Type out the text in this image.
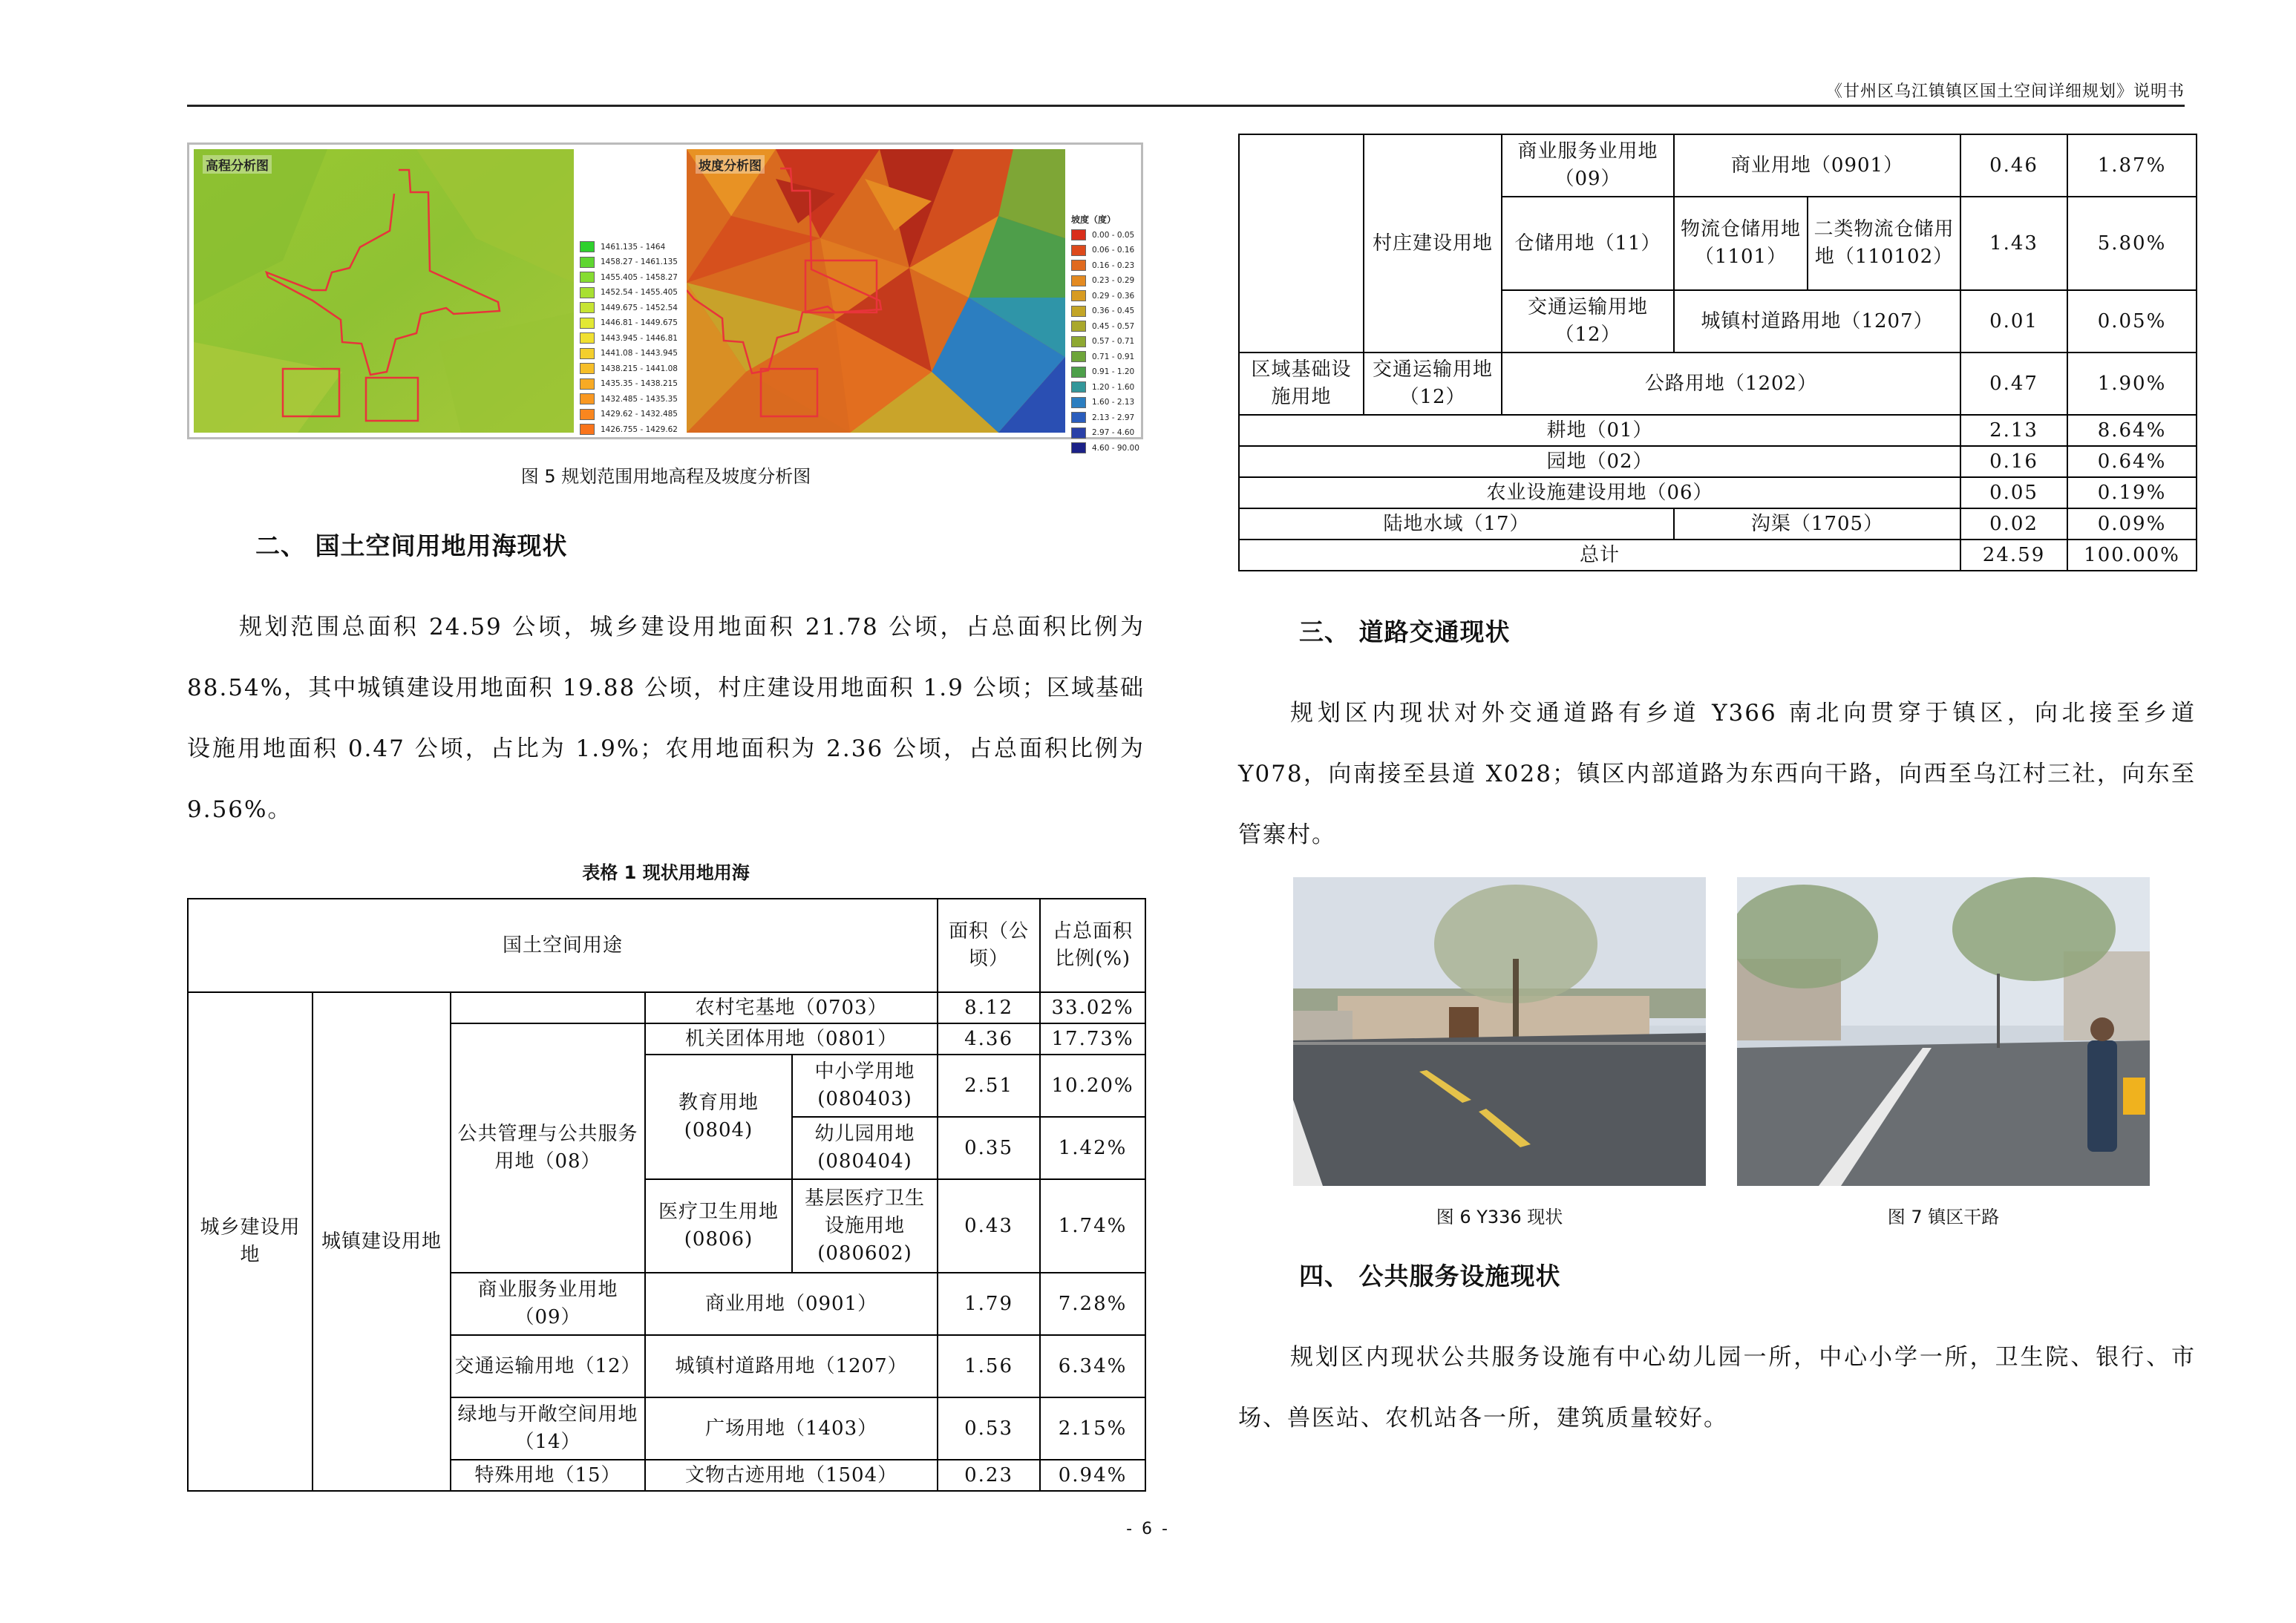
《甘州区乌江镇镇区国土空间详细规划》说明书
高程分析图
1461.135 - 1464
1458.27 - 1461.135
1455.405 - 1458.27
1452.54 - 1455.405
1449.675 - 1452.54
1446.81 - 1449.675
1443.945 - 1446.81
1441.08 - 1443.945
1438.215 - 1441.08
1435.35 - 1438.215
1432.485 - 1435.35
1429.62 - 1432.485
1426.755 - 1429.62
坡度分析图
坡度（度）
0.00 - 0.05
0.06 - 0.16
0.16 - 0.23
0.23 - 0.29
0.29 - 0.36
0.36 - 0.45
0.45 - 0.57
0.57 - 0.71
0.71 - 0.91
0.91 - 1.20
1.20 - 1.60
1.60 - 2.13
2.13 - 2.97
2.97 - 4.60
4.60 - 90.00
图 5 规划范围用地高程及坡度分析图
二、 国土空间用地用海现状
规划范围总面积 24.59 公顷，城乡建设用地面积 21.78 公顷，占总面积比例为 88.54%，其中城镇建设用地面积 19.88 公顷，村庄建设用地面积 1.9 公顷；区域基础设施用地面积 0.47 公顷，占比为 1.9%；农用地面积为 2.36 公顷，占总面积比例为 9.56%。
表格 1 现状用地用海
国土空间用途					面积（公顷）	占总面积比例(%)
城乡建设用地	城镇建设用地		农村宅基地（0703）		8.12	33.02%
		公共管理与公共服务用地（08）	机关团体用地（0801）		4.36	17.73%
			教育用地(0804)	中小学用地(080403)	2.51	10.20%

				幼儿园用地(080404)	0.35	1.42%

			医疗卫生用地(0806)	基层医疗卫生设施用地(080602)	0.43	1.74%
		商业服务业用地（09）	商业用地（0901）		1.79	7.28%
		交通运输用地（12）	城镇村道路用地（1207）		1.56	6.34%
		绿地与开敞空间用地（14）	广场用地（1403）		0.53	2.15%
		特殊用地（15）	文物古迹用地（1504）		0.23	0.94%
	村庄建设用地	商业服务业用地（09）	商业用地（0901）		0.46	1.87%
		仓储用地（11）	物流仓储用地（1101）	二类物流仓储用地（110102）	1.43	5.80%
		交通运输用地（12）	城镇村道路用地（1207）		0.01	0.05%
区域基础设施用地	交通运输用地（12）	公路用地（1202）			0.47	1.90%
耕地（01）					2.13	8.64%
园地（02）					0.16	0.64%
农业设施建设用地（06）					0.05	0.19%
陆地水域（17）			沟渠（1705）		0.02	0.09%
总计					24.59	100.00%
三、 道路交通现状
规划区内现状对外交通道路有乡道 Y366 南北向贯穿于镇区，向北接至乡道 Y078，向南接至县道 X028；镇区内部道路为东西向干路，向西至乌江村三社，向东至管寨村。
图 6 Y336 现状	图 7 镇区干路
四、 公共服务设施现状
规划区内现状公共服务设施有中心幼儿园一所，中心小学一所，卫生院、银行、市场、兽医站、农机站各一所，建筑质量较好。
- 6 -
